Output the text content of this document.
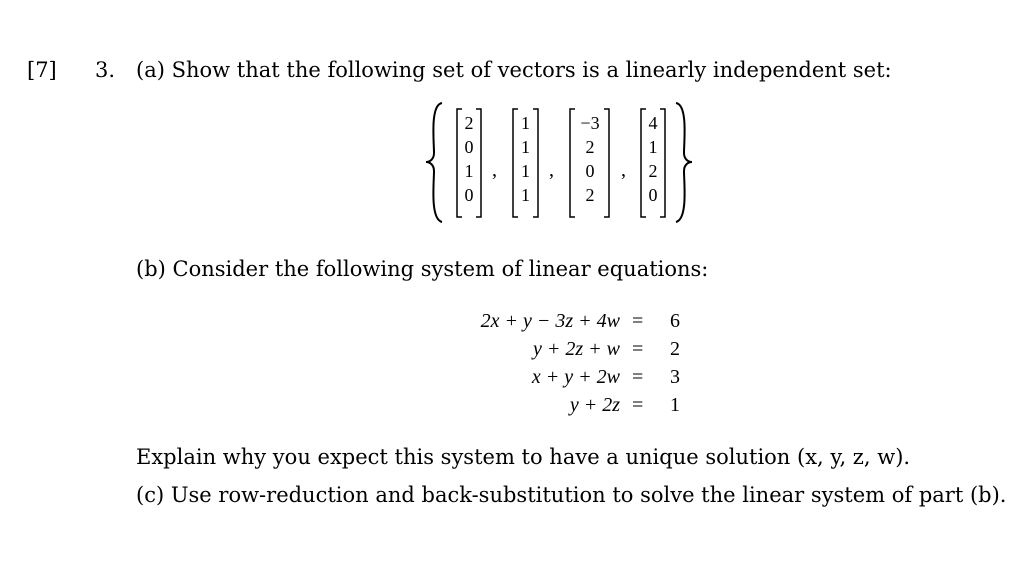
[7] 3. (a) Show that the following set of vectors is a linearly independent set:
2
0
1
0
,
1
1
1
1
,
−3
2
0
2
,
4
1
2
0
(b) Consider the following system of linear equations:
2x + y − 3z + 4w = 6
y + 2z + w = 2
x + y + 2w = 3
y + 2z = 1
Explain why you expect this system to have a unique solution (x, y, z, w).
(c) Use row-reduction and back-substitution to solve the linear system of part (b).
